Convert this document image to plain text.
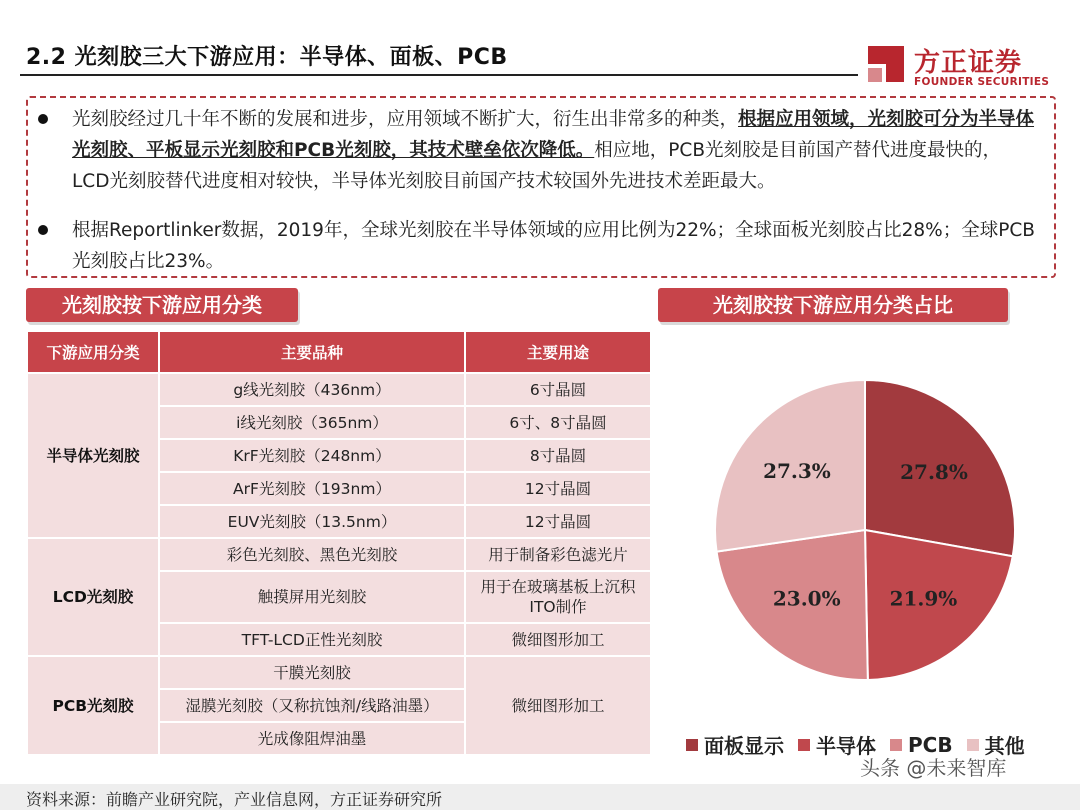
2.2 光刻胶三大下游应用：半导体、面板、PCB	方正证券
FOUNDER SECURITIES
光刻胶经过几十年不断的发展和进步，应用领域不断扩大，衍生出非常多的种类，根据应用领域，光刻胶可分为半导体光刻胶、平板显示光刻胶和PCB光刻胶，其技术壁垒依次降低。相应地，PCB光刻胶是目前国产替代进度最快的，LCD光刻胶替代进度相对较快，半导体光刻胶目前国产技术较国外先进技术差距最大。
根据Reportlinker数据，2019年，全球光刻胶在半导体领域的应用比例为22%；全球面板光刻胶占比28%；全球PCB光刻胶占比23%。
光刻胶按下游应用分类	光刻胶按下游应用分类占比
下游应用分类	主要品种	主要用途
半导体光刻胶	g线光刻胶（436nm）	6寸晶圆
	i线光刻胶（365nm）	6寸、8寸晶圆
	KrF光刻胶（248nm）	8寸晶圆
	ArF光刻胶（193nm）	12寸晶圆
	EUV光刻胶（13.5nm）	12寸晶圆
LCD光刻胶	彩色光刻胶、黑色光刻胶	用于制备彩色滤光片
	触摸屏用光刻胶	用于在玻璃基板上沉积ITO制作
	TFT-LCD正性光刻胶	微细图形加工
PCB光刻胶	干膜光刻胶	微细图形加工
	湿膜光刻胶（又称抗蚀剂/线路油墨）	
	光成像阻焊油墨	
27.8%
21.9%
23.0%
27.3%
面板显示 半导体 PCB 其他
头条 @未来智库
资料来源：前瞻产业研究院，产业信息网，方正证券研究所
